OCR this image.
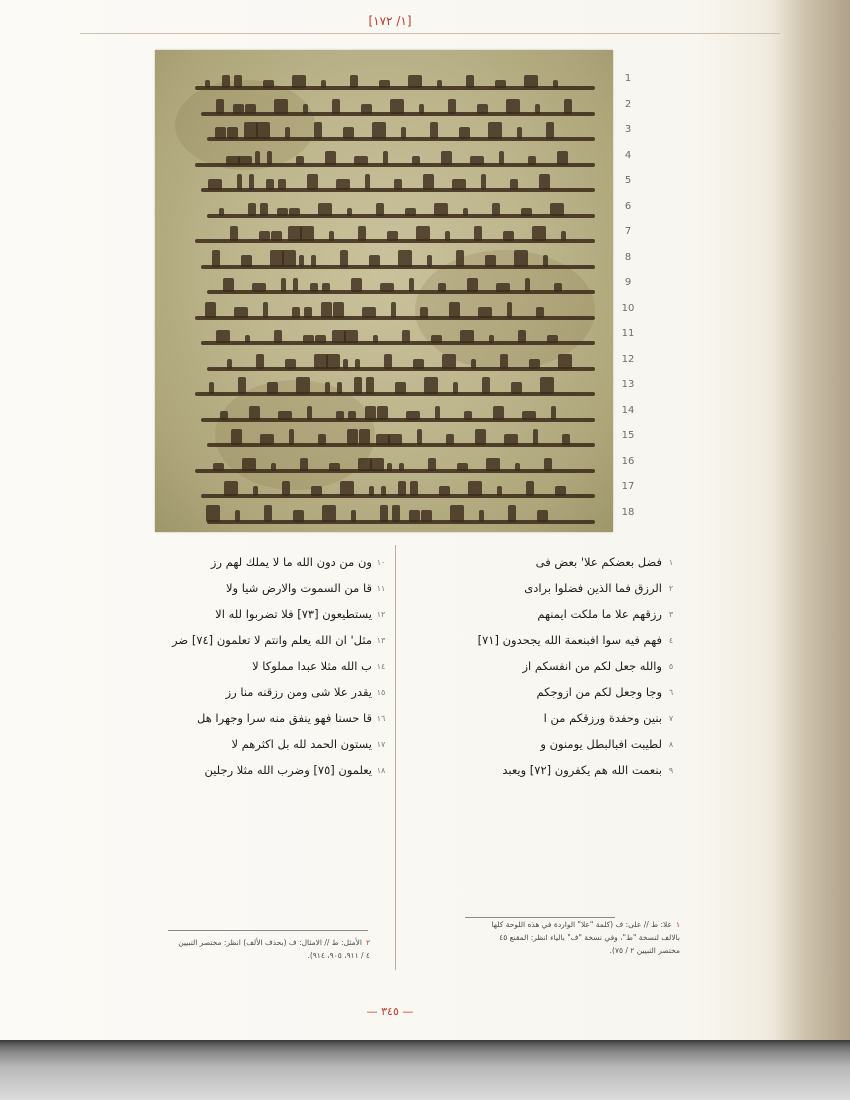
[١/ ١٧٢]
1
2
3
4
5
6
7
8
9
10
11
12
13
14
15
16
17
18
١
فضل بعضكم علا' بعض فى
٢
الرزق فما الذين فضلوا برادى
٣
رزقهم علا ما ملكت ايمنهم
٤
فهم فيه سوا افبنعمة الله يجحدون [٧١]
٥
والله جعل لكم من انفسكم از
٦
وجا وجعل لكم من ازوجكم
٧
بنين وحفدة ورزقكم من ا
٨
لطيبت افبالبطل يومنون و
٩
بنعمت الله هم يكفرون [٧٢] ويعبد
١٠
ون من دون الله ما لا يملك لهم رز
١١
قا من السموت والارض شيا ولا
١٢
يستطيعون [٧٣] فلا تضربوا لله الا
١٣
مثل' ان الله يعلم وانتم لا تعلمون [٧٤] ضر
١٤
ب الله مثلا عبدا مملوكا لا
١٥
يقدر علا شى ومن رزقنه منا رز
١٦
قا حسنا فهو ينفق منه سرا وجهرا هل
١٧
يستون الحمد لله بل اكثرهم لا
١٨
يعلمون [٧٥] وضرب الله مثلا رجلين
١علا: ط // على: ف (كلمة "علا" الواردة في هذه اللوحة كلها
بالالف لنسخة "ط"، وفي نسخة "ف" بالياء انظر: المقنع ٤٥
مختصر التبيين ٢ / ٧٥).
٢الأمثل: ط // الامثال: ف (بحذف الألف) انظر: مختصر التبيين
٤ / ٩١١، ٩٠٥، ٩١٤).
— ٣٤٥ —
